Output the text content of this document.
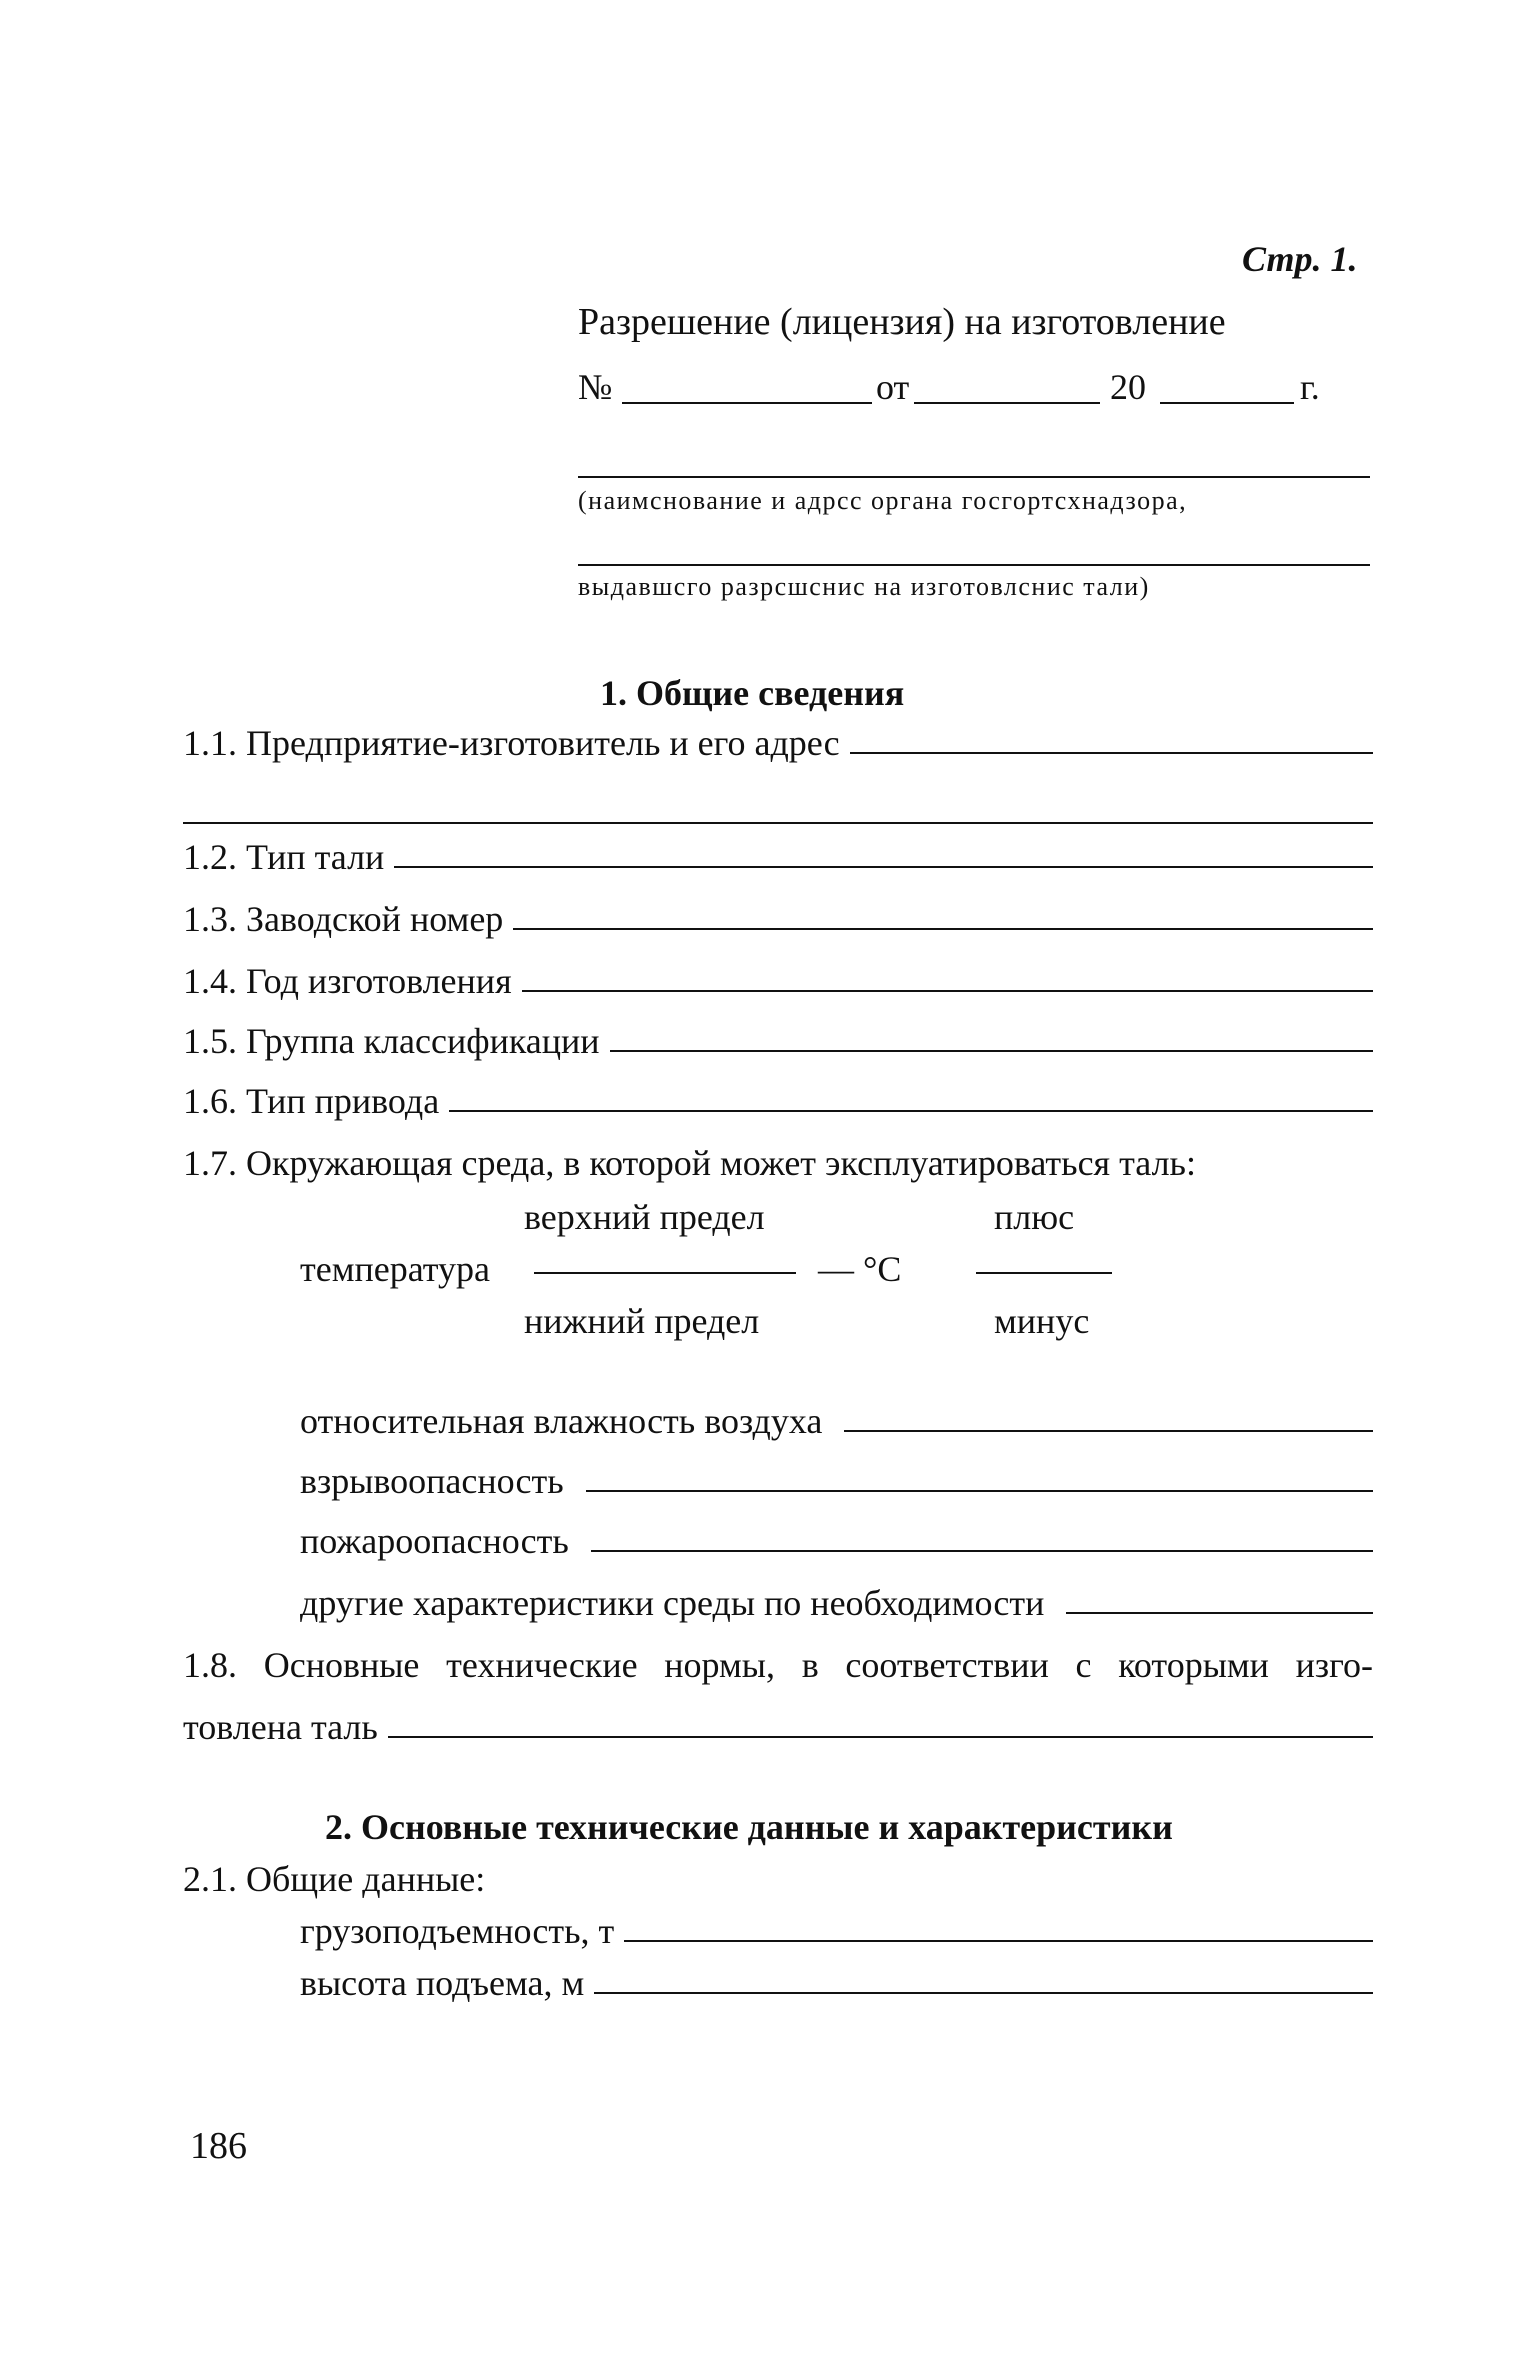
Стр. 1.
Разрешение (лицензия) на изготовление
№	от	20	г.
(наимснование и адрсс органа госгортсхнадзора,
выдавшсго разрсшснис на изготовлснис тали)
1. Общие сведения
1.1. Предприятие-изготовитель и его адрес
1.2. Тип тали
1.3. Заводской номер
1.4. Год изготовления
1.5. Группа классификации
1.6. Тип привода
1.7. Окружающая среда, в которой может эксплуатироваться таль:
верхний предел	плюс
температура	— °С
нижний предел	минус
относительная влажность воздуха
взрывоопасность
пожароопасность
другие характеристики среды по необходимости
1.8. Основные технические нормы, в соответствии с которыми изго-
товлена таль
2. Основные технические данные и характеристики
2.1. Общие данные:
грузоподъемность, т
высота подъема, м
186
